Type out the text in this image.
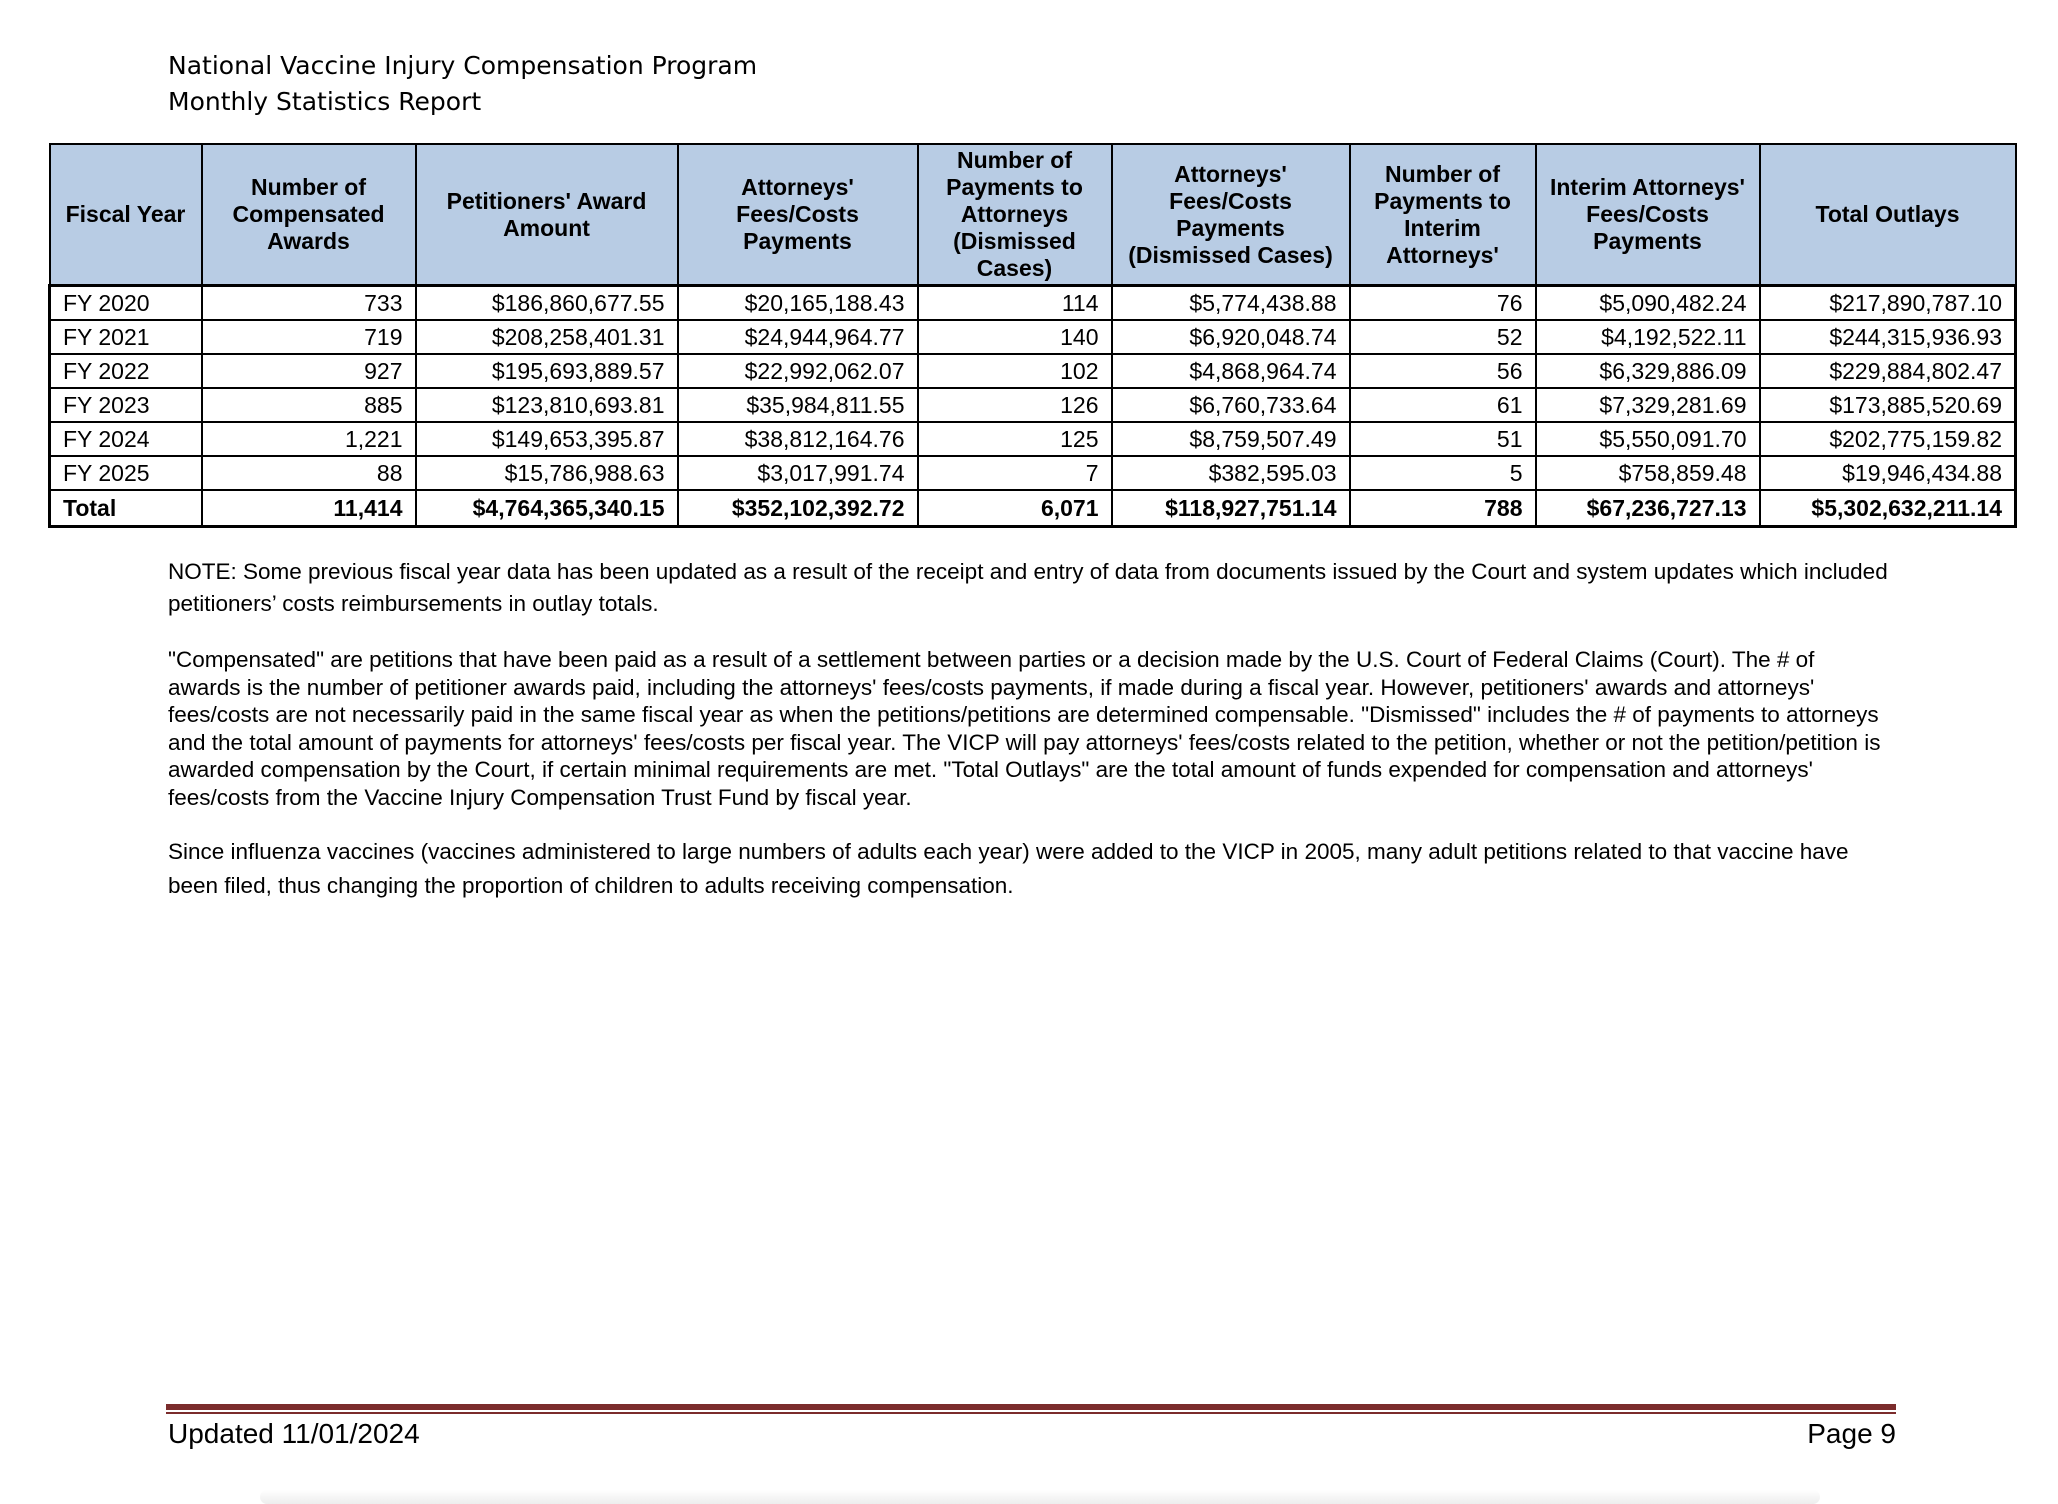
National Vaccine Injury Compensation Program
Monthly Statistics Report
Fiscal Year	Number of Compensated Awards	Petitioners' Award Amount	Attorneys' Fees/Costs Payments	Number of Payments to Attorneys (Dismissed Cases)	Attorneys' Fees/Costs Payments (Dismissed Cases)	Number of Payments to Interim Attorneys'	Interim Attorneys' Fees/Costs Payments	Total Outlays
FY 2020	733	$186,860,677.55	$20,165,188.43	114	$5,774,438.88	76	$5,090,482.24	$217,890,787.10
FY 2021	719	$208,258,401.31	$24,944,964.77	140	$6,920,048.74	52	$4,192,522.11	$244,315,936.93
FY 2022	927	$195,693,889.57	$22,992,062.07	102	$4,868,964.74	56	$6,329,886.09	$229,884,802.47
FY 2023	885	$123,810,693.81	$35,984,811.55	126	$6,760,733.64	61	$7,329,281.69	$173,885,520.69
FY 2024	1,221	$149,653,395.87	$38,812,164.76	125	$8,759,507.49	51	$5,550,091.70	$202,775,159.82
FY 2025	88	$15,786,988.63	$3,017,991.74	7	$382,595.03	5	$758,859.48	$19,946,434.88
Total	11,414	$4,764,365,340.15	$352,102,392.72	6,071	$118,927,751.14	788	$67,236,727.13	$5,302,632,211.14

NOTE: Some previous fiscal year data has been updated as a result of the receipt and entry of data from documents issued by the Court and system updates which included petitioners’ costs reimbursements in outlay totals.

"Compensated" are petitions that have been paid as a result of a settlement between parties or a decision made by the U.S. Court of Federal Claims (Court). The # of awards is the number of petitioner awards paid, including the attorneys' fees/costs payments, if made during a fiscal year. However, petitioners' awards and attorneys' fees/costs are not necessarily paid in the same fiscal year as when the petitions/petitions are determined compensable. "Dismissed" includes the # of payments to attorneys and the total amount of payments for attorneys' fees/costs per fiscal year. The VICP will pay attorneys' fees/costs related to the petition, whether or not the petition/petition is awarded compensation by the Court, if certain minimal requirements are met. "Total Outlays" are the total amount of funds expended for compensation and attorneys' fees/costs from the Vaccine Injury Compensation Trust Fund by fiscal year.

Since influenza vaccines (vaccines administered to large numbers of adults each year) were added to the VICP in 2005, many adult petitions related to that vaccine have been filed, thus changing the proportion of children to adults receiving compensation.

Updated 11/01/2024	Page 9
